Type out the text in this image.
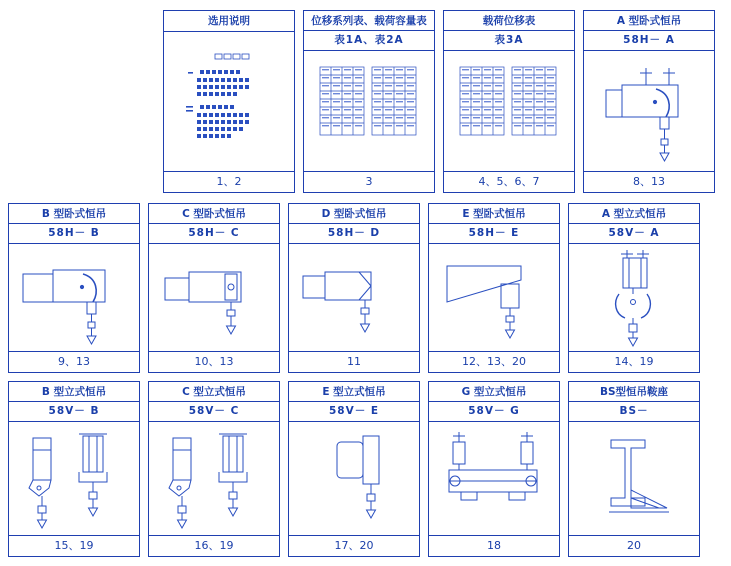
选用说明
1、2
位移系列表、载荷容量表
表1A、表2A
3
载荷位移表
表3A
4、5、6、7
A 型卧式恒吊
58H－ A
8、13
B 型卧式恒吊
58H－ B
9、13
C 型卧式恒吊
58H－ C
10、13
D 型卧式恒吊
58H－ D
11
E 型卧式恒吊
58H－ E
12、13、20
A 型立式恒吊
58V－ A
14、19
B 型立式恒吊
58V－ B
15、19
C 型立式恒吊
58V－ C
16、19
E 型立式恒吊
58V－ E
17、20
G 型立式恒吊
58V－ G
18
BS型恒吊鞍座
BS－
20
